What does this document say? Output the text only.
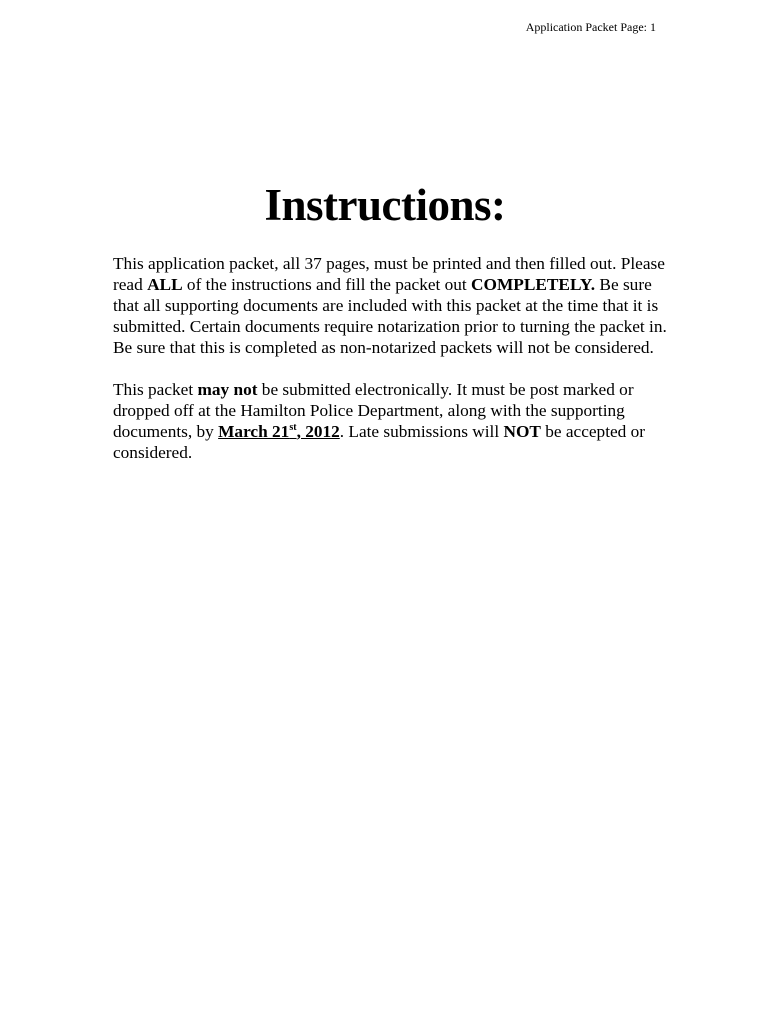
Application Packet Page: 1
Instructions:

This application packet, all 37 pages, must be printed and then filled out. Please read ALL of the instructions and fill the packet out COMPLETELY. Be sure that all supporting documents are included with this packet at the time that it is submitted. Certain documents require notarization prior to turning the packet in. Be sure that this is completed as non-notarized packets will not be considered.

This packet may not be submitted electronically. It must be post marked or dropped off at the Hamilton Police Department, along with the supporting documents, by March 21st, 2012. Late submissions will NOT be accepted or considered.
